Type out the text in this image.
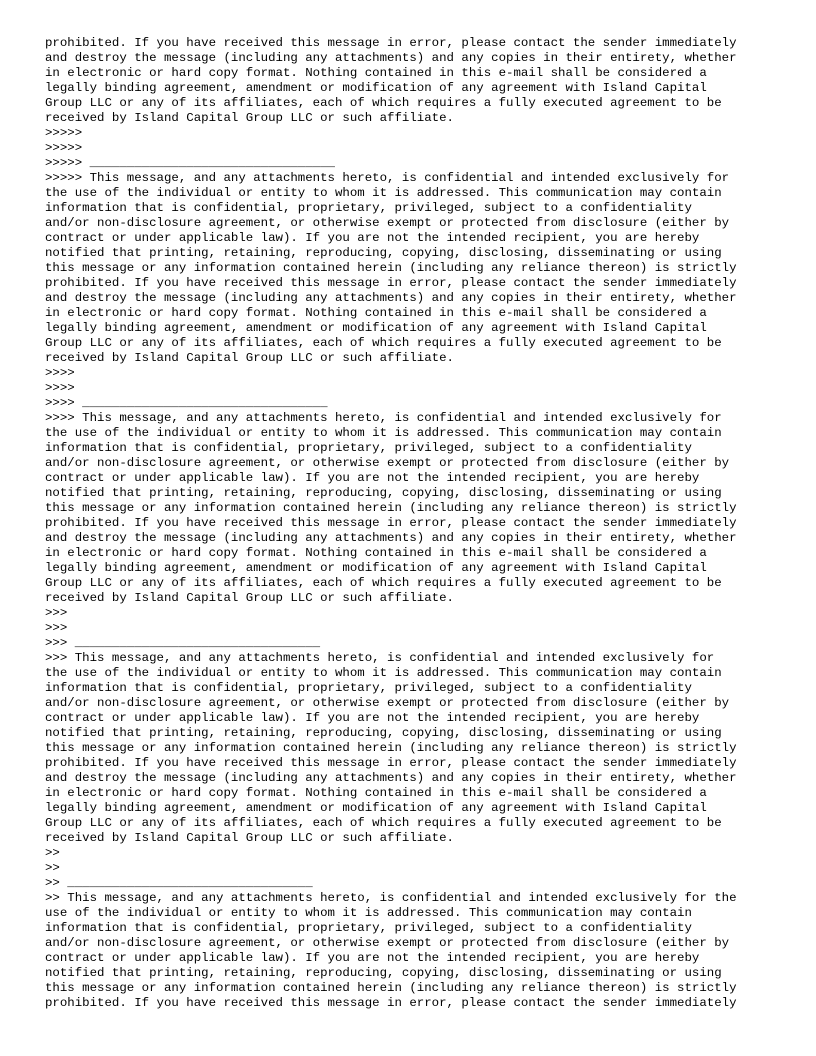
prohibited. If you have received this message in error, please contact the sender immediately
and destroy the message (including any attachments) and any copies in their entirety, whether
in electronic or hard copy format. Nothing contained in this e-mail shall be considered a
legally binding agreement, amendment or modification of any agreement with Island Capital
Group LLC or any of its affiliates, each of which requires a fully executed agreement to be
received by Island Capital Group LLC or such affiliate.
>>>>>
>>>>>
>>>>> _________________________________
>>>>> This message, and any attachments hereto, is confidential and intended exclusively for
the use of the individual or entity to whom it is addressed. This communication may contain
information that is confidential, proprietary, privileged, subject to a confidentiality
and/or non-disclosure agreement, or otherwise exempt or protected from disclosure (either by
contract or under applicable law). If you are not the intended recipient, you are hereby
notified that printing, retaining, reproducing, copying, disclosing, disseminating or using
this message or any information contained herein (including any reliance thereon) is strictly
prohibited. If you have received this message in error, please contact the sender immediately
and destroy the message (including any attachments) and any copies in their entirety, whether
in electronic or hard copy format. Nothing contained in this e-mail shall be considered a
legally binding agreement, amendment or modification of any agreement with Island Capital
Group LLC or any of its affiliates, each of which requires a fully executed agreement to be
received by Island Capital Group LLC or such affiliate.
>>>>
>>>>
>>>> _________________________________
>>>> This message, and any attachments hereto, is confidential and intended exclusively for
the use of the individual or entity to whom it is addressed. This communication may contain
information that is confidential, proprietary, privileged, subject to a confidentiality
and/or non-disclosure agreement, or otherwise exempt or protected from disclosure (either by
contract or under applicable law). If you are not the intended recipient, you are hereby
notified that printing, retaining, reproducing, copying, disclosing, disseminating or using
this message or any information contained herein (including any reliance thereon) is strictly
prohibited. If you have received this message in error, please contact the sender immediately
and destroy the message (including any attachments) and any copies in their entirety, whether
in electronic or hard copy format. Nothing contained in this e-mail shall be considered a
legally binding agreement, amendment or modification of any agreement with Island Capital
Group LLC or any of its affiliates, each of which requires a fully executed agreement to be
received by Island Capital Group LLC or such affiliate.
>>>
>>>
>>> _________________________________
>>> This message, and any attachments hereto, is confidential and intended exclusively for
the use of the individual or entity to whom it is addressed. This communication may contain
information that is confidential, proprietary, privileged, subject to a confidentiality
and/or non-disclosure agreement, or otherwise exempt or protected from disclosure (either by
contract or under applicable law). If you are not the intended recipient, you are hereby
notified that printing, retaining, reproducing, copying, disclosing, disseminating or using
this message or any information contained herein (including any reliance thereon) is strictly
prohibited. If you have received this message in error, please contact the sender immediately
and destroy the message (including any attachments) and any copies in their entirety, whether
in electronic or hard copy format. Nothing contained in this e-mail shall be considered a
legally binding agreement, amendment or modification of any agreement with Island Capital
Group LLC or any of its affiliates, each of which requires a fully executed agreement to be
received by Island Capital Group LLC or such affiliate.
>>
>>
>> _________________________________
>> This message, and any attachments hereto, is confidential and intended exclusively for the
use of the individual or entity to whom it is addressed. This communication may contain
information that is confidential, proprietary, privileged, subject to a confidentiality
and/or non-disclosure agreement, or otherwise exempt or protected from disclosure (either by
contract or under applicable law). If you are not the intended recipient, you are hereby
notified that printing, retaining, reproducing, copying, disclosing, disseminating or using
this message or any information contained herein (including any reliance thereon) is strictly
prohibited. If you have received this message in error, please contact the sender immediately
